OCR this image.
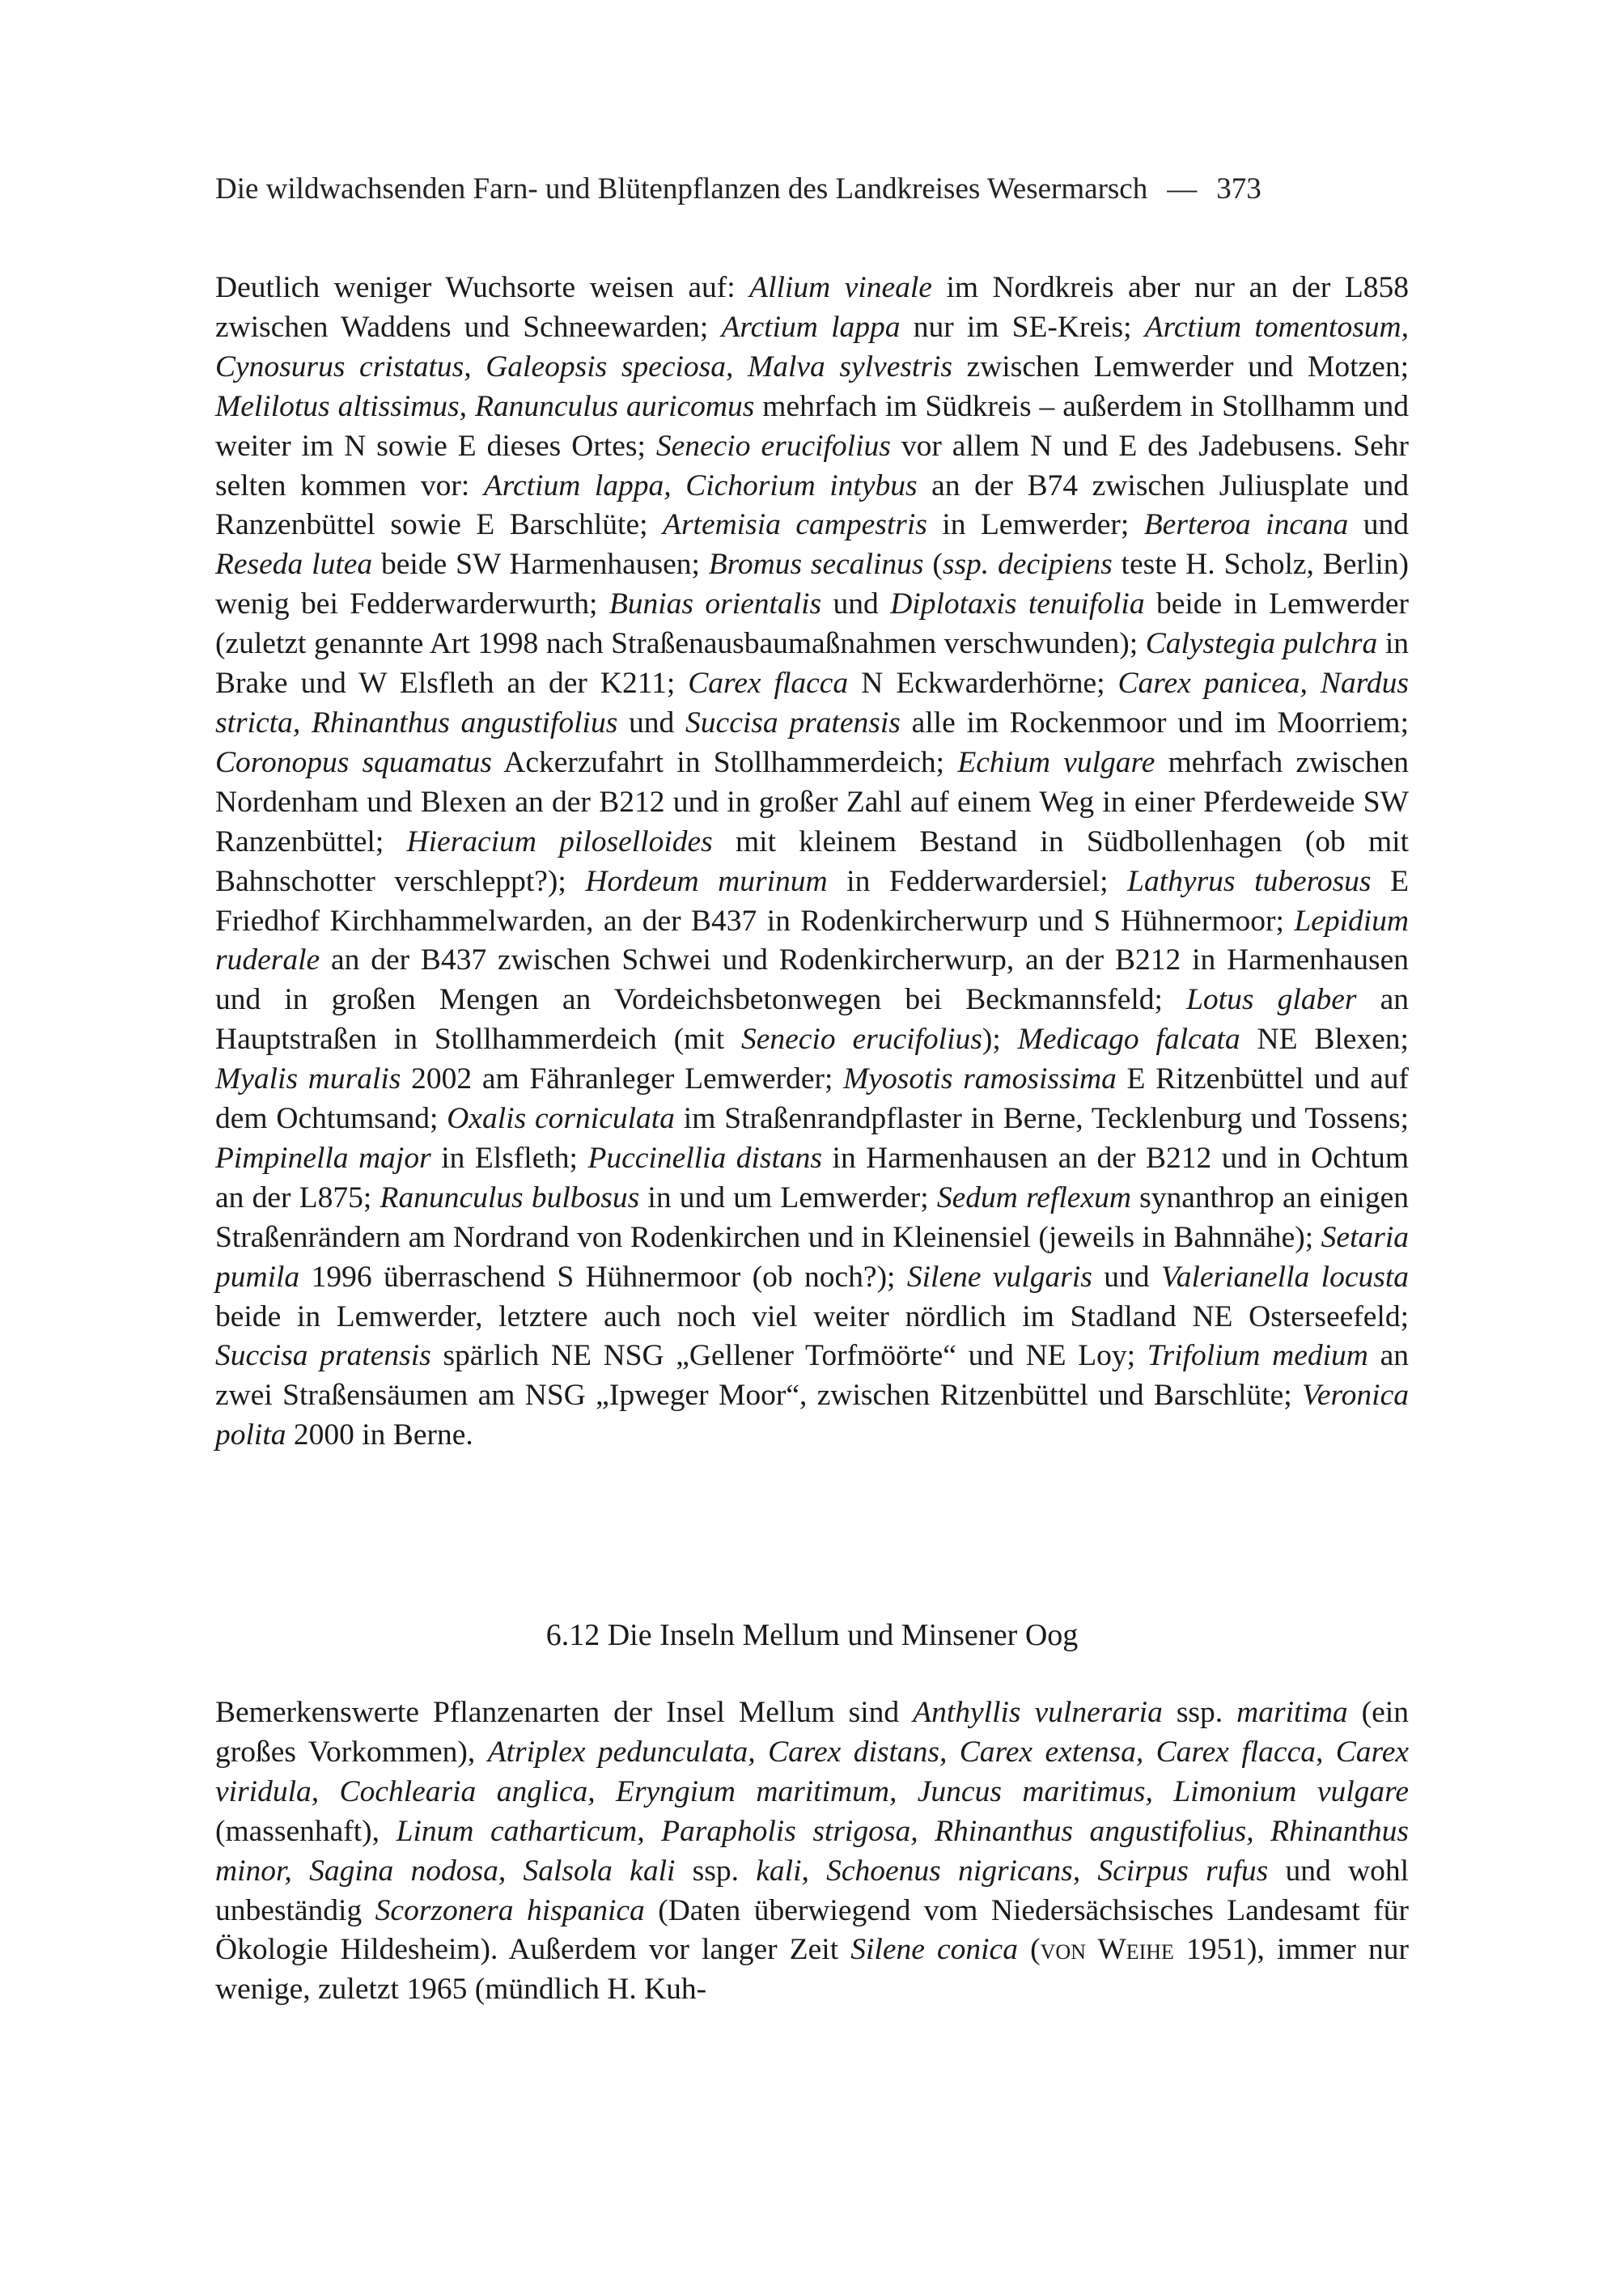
Die wildwachsenden Farn- und Blütenpflanzen des Landkreises Wesermarsch — 373

Deutlich weniger Wuchsorte weisen auf: Allium vineale im Nordkreis aber nur an der L858 zwischen Waddens und Schneewarden; Arctium lappa nur im SE-Kreis; Arctium tomentosum, Cynosurus cristatus, Galeopsis speciosa, Malva sylvestris zwischen Lemwerder und Motzen; Melilotus altissimus, Ranunculus auricomus mehrfach im Südkreis – außerdem in Stollhamm und weiter im N sowie E dieses Ortes; Senecio erucifolius vor allem N und E des Jadebusens. Sehr selten kommen vor: Arctium lappa, Cichorium intybus an der B74 zwischen Juliusplate und Ranzenbüttel sowie E Barschlüte; Artemisia campestris in Lemwerder; Berteroa incana und Reseda lutea beide SW Harmenhausen; Bromus secalinus (ssp. decipiens teste H. Scholz, Berlin) wenig bei Fedderwarderwurth; Bunias orientalis und Diplotaxis tenuifolia beide in Lemwerder (zuletzt genannte Art 1998 nach Straßenausbaumaßnahmen verschwunden); Calystegia pulchra in Brake und W Elsfleth an der K211; Carex flacca N Eckwarderhörne; Carex panicea, Nardus stricta, Rhinanthus angustifolius und Succisa pratensis alle im Rockenmoor und im Moorriem; Coronopus squamatus Ackerzufahrt in Stollhammerdeich; Echium vulgare mehrfach zwischen Nordenham und Blexen an der B212 und in großer Zahl auf einem Weg in einer Pferdeweide SW Ranzenbüttel; Hieracium piloselloides mit kleinem Bestand in Südbollenhagen (ob mit Bahnschotter verschleppt?); Hordeum murinum in Fedderwardersiel; Lathyrus tuberosus E Friedhof Kirchhammelwarden, an der B437 in Rodenkircherwurp und S Hühnermoor; Lepidium ruderale an der B437 zwischen Schwei und Rodenkircherwurp, an der B212 in Harmenhausen und in großen Mengen an Vordeichsbetonwegen bei Beckmannsfeld; Lotus glaber an Hauptstraßen in Stollhammerdeich (mit Senecio erucifolius); Medicago falcata NE Blexen; Myalis muralis 2002 am Fähranleger Lemwerder; Myosotis ramosissima E Ritzenbüttel und auf dem Ochtumsand; Oxalis corniculata im Straßenrandpflaster in Berne, Tecklenburg und Tossens; Pimpinella major in Elsfleth; Puccinellia distans in Harmenhausen an der B212 und in Ochtum an der L875; Ranunculus bulbosus in und um Lemwerder; Sedum reflexum synanthrop an einigen Straßenrändern am Nordrand von Rodenkirchen und in Kleinensiel (jeweils in Bahnnähe); Setaria pumila 1996 überraschend S Hühnermoor (ob noch?); Silene vulgaris und Valerianella locusta beide in Lemwerder, letztere auch noch viel weiter nördlich im Stadland NE Osterseefeld; Succisa pratensis spärlich NE NSG „Gellener Torfmöörte“ und NE Loy; Trifolium medium an zwei Straßensäumen am NSG „Ipweger Moor“, zwischen Ritzenbüttel und Barschlüte; Veronica polita 2000 in Berne.

6.12 Die Inseln Mellum und Minsener Oog

Bemerkenswerte Pflanzenarten der Insel Mellum sind Anthyllis vulneraria ssp. maritima (ein großes Vorkommen), Atriplex pedunculata, Carex distans, Carex extensa, Carex flacca, Carex viridula, Cochlearia anglica, Eryngium maritimum, Juncus maritimus, Limonium vulgare (massenhaft), Linum catharticum, Parapholis strigosa, Rhinanthus angustifolius, Rhinanthus minor, Sagina nodosa, Salsola kali ssp. kali, Schoenus nigricans, Scirpus rufus und wohl unbeständig Scorzonera hispanica (Daten überwiegend vom Niedersächsisches Landesamt für Ökologie Hildesheim). Außerdem vor langer Zeit Silene conica (von Weihe 1951), immer nur wenige, zuletzt 1965 (mündlich H. Kuh-
